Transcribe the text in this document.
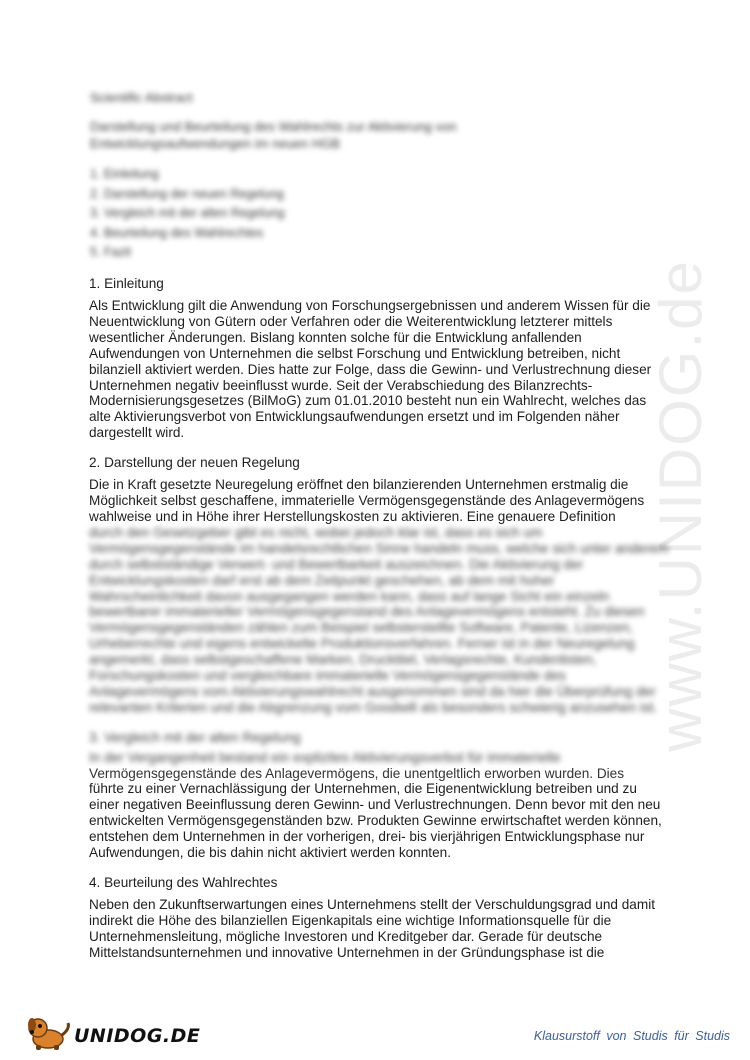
www.UNIDOG.de
Scientific Abstract
Darstellung und Beurteilung des Wahlrechts zur Aktivierung von Entwicklungsaufwendungen im neuen HGB
1. Einleitung
2. Darstellung der neuen Regelung
3. Vergleich mit der alten Regelung
4. Beurteilung des Wahlrechtes
5. Fazit
1. Einleitung

Als Entwicklung gilt die Anwendung von Forschungsergebnissen und anderem Wissen für die Neuentwicklung von Gütern oder Verfahren oder die Weiterentwicklung letzterer mittels wesentlicher Änderungen. Bislang konnten solche für die Entwicklung anfallenden Aufwendungen von Unternehmen die selbst Forschung und Entwicklung betreiben, nicht bilanziell aktiviert werden. Dies hatte zur Folge, dass die Gewinn- und Verlustrechnung dieser Unternehmen negativ beeinflusst wurde. Seit der Verabschiedung des Bilanzrechts-Modernisierungsgesetzes (BilMoG) zum 01.01.2010 besteht nun ein Wahlrecht, welches das alte Aktivierungsverbot von Entwicklungsaufwendungen ersetzt und im Folgenden näher dargestellt wird.

2. Darstellung der neuen Regelung

Die in Kraft gesetzte Neuregelung eröffnet den bilanzierenden Unternehmen erstmalig die Möglichkeit selbst geschaffene, immaterielle Vermögensgegenstände des Anlagevermögens wahlweise und in Höhe ihrer Herstellungskosten zu aktivieren. Eine genauere Definition

durch den Gesetzgeber gibt es nicht, wobei jedoch klar ist, dass es sich um Vermögensgegenstände im handelsrechtlichen Sinne handeln muss, welche sich unter anderem durch selbstständige Verwert- und Bewertbarkeit auszeichnen. Die Aktivierung der Entwicklungskosten darf erst ab dem Zeitpunkt geschehen, ab dem mit hoher Wahrscheinlichkeit davon ausgegangen werden kann, dass auf lange Sicht ein einzeln bewertbarer immaterieller Vermögensgegenstand des Anlagevermögens entsteht. Zu diesen Vermögensgegenständen zählen zum Beispiel selbsterstellte Software, Patente, Lizenzen, Urheberrechte und eigens entwickelte Produktionsverfahren. Ferner ist in der Neuregelung angemerkt, dass selbstgeschaffene Marken, Drucktitel, Verlagsrechte, Kundenlisten, Forschungskosten und vergleichbare immaterielle Vermögensgegenstände des Anlagevermögens vom Aktivierungswahlrecht ausgenommen sind da hier die Überprüfung der relevanten Kriterien und die Abgrenzung vom Goodwill als besonders schwierig anzusehen ist.

3. Vergleich mit der alten Regelung

In der Vergangenheit bestand ein explizites Aktivierungsverbot für immaterielle

Vermögensgegenstände des Anlagevermögens, die unentgeltlich erworben wurden. Dies

führte zu einer Vernachlässigung der Unternehmen, die Eigenentwicklung betreiben und zu einer negativen Beeinflussung deren Gewinn- und Verlustrechnungen. Denn bevor mit den neu entwickelten Vermögensgegenständen bzw. Produkten Gewinne erwirtschaftet werden können, entstehen dem Unternehmen in der vorherigen, drei- bis vierjährigen Entwicklungsphase nur Aufwendungen, die bis dahin nicht aktiviert werden konnten.

4. Beurteilung des Wahlrechtes

Neben den Zukunftserwartungen eines Unternehmens stellt der Verschuldungsgrad und damit indirekt die Höhe des bilanziellen Eigenkapitals eine wichtige Informationsquelle für die Unternehmensleitung, mögliche Investoren und Kreditgeber dar. Gerade für deutsche Mittelstandsunternehmen und innovative Unternehmen in der Gründungsphase ist die

UNIDOG.DE	Klausurstoff von Studis für Studis
